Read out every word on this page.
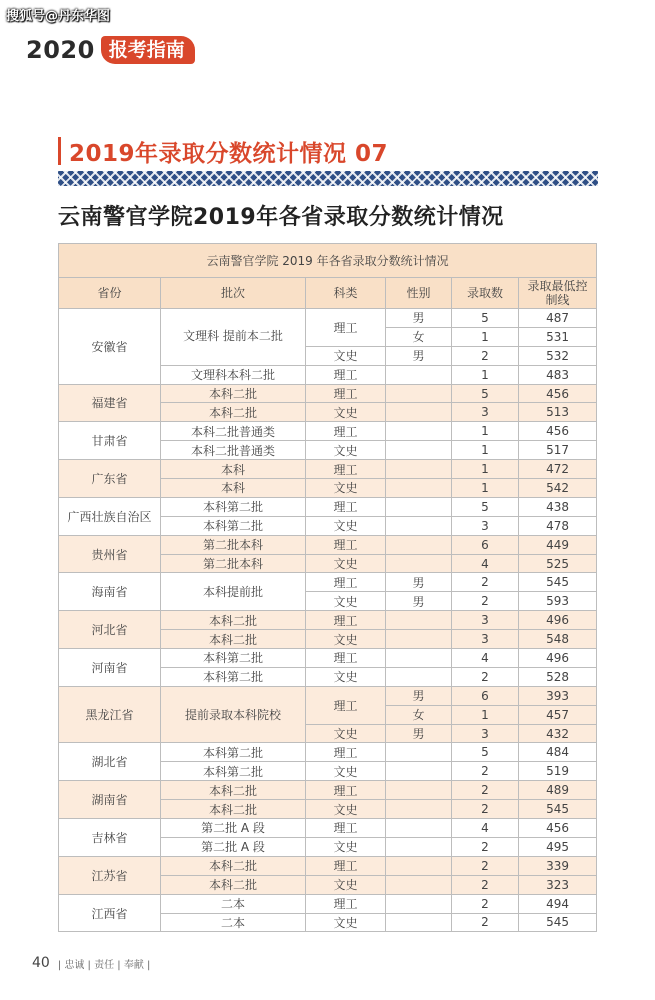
搜狐号@丹东华图
2020 报考指南
2019年录取分数统计情况 07
云南警官学院2019年各省录取分数统计情况
云南警官学院 2019 年各省录取分数统计情况					
省份	批次	科类	性别	录取数	录取最低控制线
安徽省	文理科 提前本二批	理工	男	5	487
			女	1	531
		文史	男	2	532
	文理科本科二批	理工		1	483
福建省	本科二批	理工		5	456
	本科二批	文史		3	513
甘肃省	本科二批普通类	理工		1	456
	本科二批普通类	文史		1	517
广东省	本科	理工		1	472
	本科	文史		1	542
广西壮族自治区	本科第二批	理工		5	438
	本科第二批	文史		3	478
贵州省	第二批本科	理工		6	449
	第二批本科	文史		4	525
海南省	本科提前批	理工	男	2	545
		文史	男	2	593
河北省	本科二批	理工		3	496
	本科二批	文史		3	548
河南省	本科第二批	理工		4	496
	本科第二批	文史		2	528
黑龙江省	提前录取本科院校	理工	男	6	393
			女	1	457
		文史	男	3	432
湖北省	本科第二批	理工		5	484
	本科第二批	文史		2	519
湖南省	本科二批	理工		2	489
	本科二批	文史		2	545
吉林省	第二批 A 段	理工		4	456
	第二批 A 段	文史		2	495
江苏省	本科二批	理工		2	339
	本科二批	文史		2	323
江西省	二本	理工		2	494
	二本	文史		2	545
40 | 忠诚 | 责任 | 奉献 |
